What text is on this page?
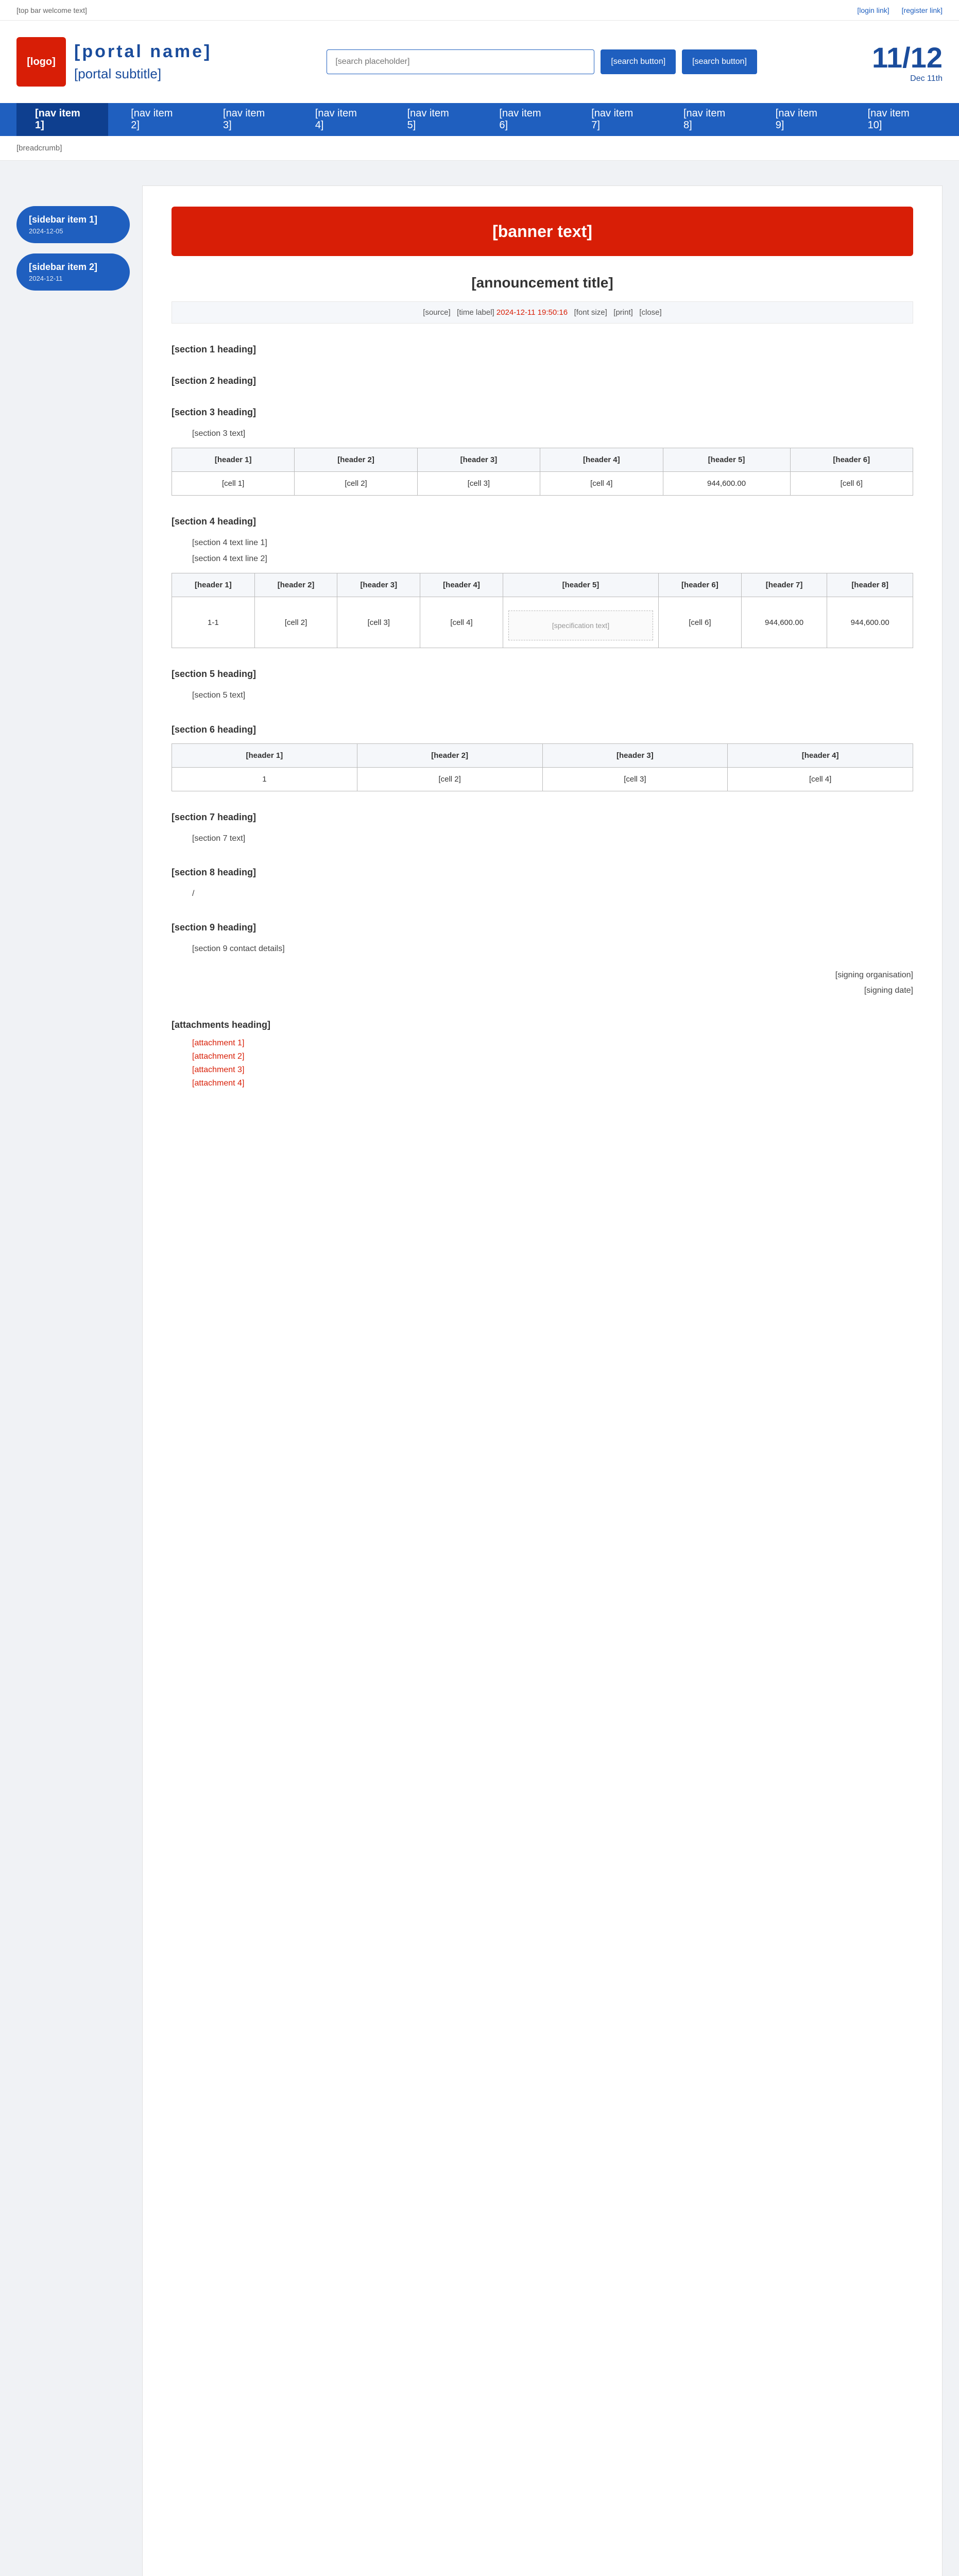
[top bar welcome text]	[login link] [register link]
[logo]
[portal name]
[portal subtitle]
[search placeholder]
[search button]	[search button]	11/12
Dec 11th
[nav item 1]
[nav item 2]
[nav item 3]
[nav item 4]
[nav item 5]
[nav item 6]
[nav item 7]
[nav item 8]
[nav item 9]
[nav item 10]
[breadcrumb]
[sidebar item 1]
2024-12-05
[sidebar item 2]
2024-12-11
[banner text]
[announcement title]
[source] [time label] 2024-12-11 19:50:16 [font size] [print] [close]
[section 1 heading]
[section 2 heading]
[section 3 heading]
[section 3 text]
[header 1]	[header 2]	[header 3]	[header 4]	[header 5]	[header 6]
[cell 1]	[cell 2]	[cell 3]	[cell 4]	944,600.00	[cell 6]
[section 4 heading]
[section 4 text line 1]
[section 4 text line 2]
[header 1]	[header 2]	[header 3]	[header 4]	[header 5]	[header 6]	[header 7]	[header 8]
1-1	[cell 2]	[cell 3]	[cell 4]	[specification text]	[cell 6]	944,600.00	944,600.00
[section 5 heading]
[section 5 text]
[section 6 heading]
[header 1]	[header 2]	[header 3]	[header 4]
1	[cell 2]	[cell 3]	[cell 4]
[section 7 heading]
[section 7 text]
[section 8 heading]
/
[section 9 heading]
[section 9 contact details]
[signing organisation]
[signing date]
[attachments heading]
[attachment 1]
[attachment 2]
[attachment 3]
[attachment 4]
